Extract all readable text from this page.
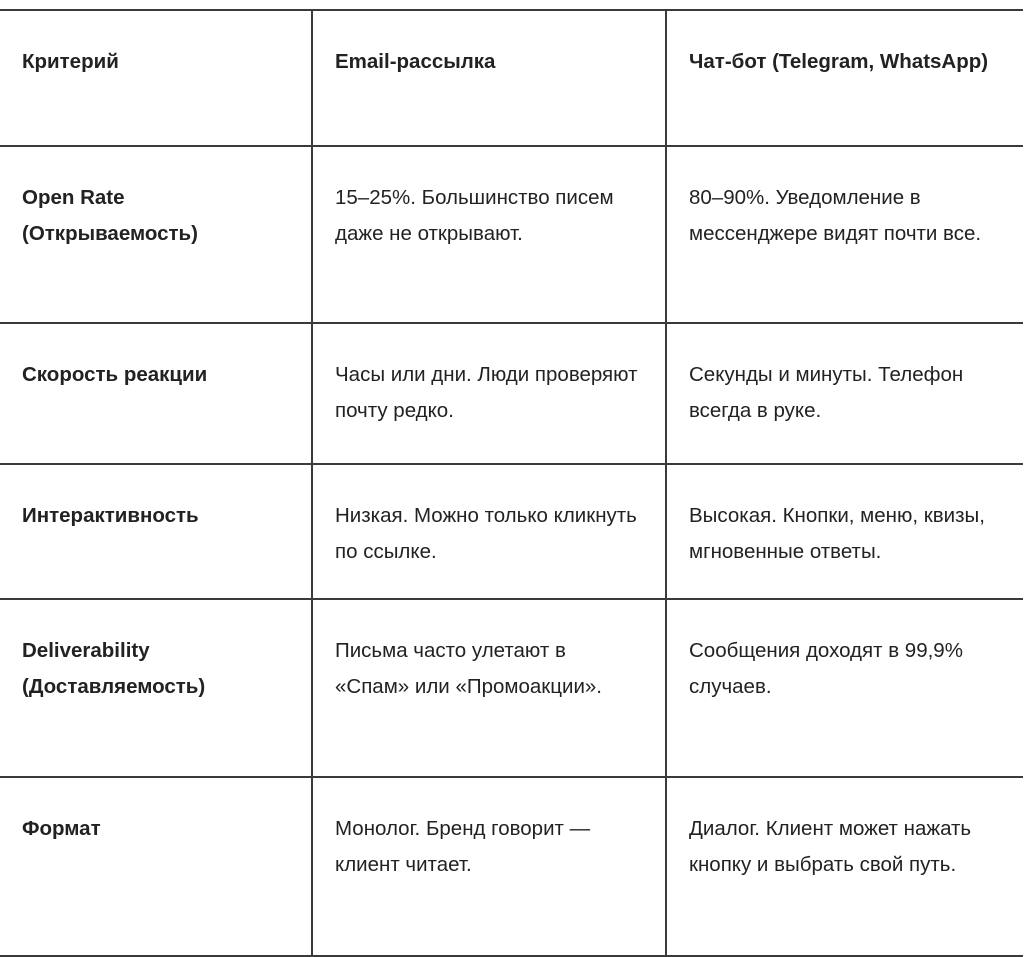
Критерий	Email-рассылка	Чат-бот (Telegram, WhatsApp)
Open Rate (Открываемость)	15–25%. Большинство писем даже не открывают.	80–90%. Уведомление в мессенджере видят почти все.
Скорость реакции	Часы или дни. Люди проверяют почту редко.	Секунды и минуты. Телефон всегда в руке.
Интерактивность	Низкая. Можно только кликнуть по ссылке.	Высокая. Кнопки, меню, квизы, мгновенные ответы.
Deliverability (Доставляемость)	Письма часто улетают в «Спам» или «Промоакции».	Сообщения доходят в 99,9% случаев.
Формат	Монолог. Бренд говорит — клиент читает.	Диалог. Клиент может нажать кнопку и выбрать свой путь.
